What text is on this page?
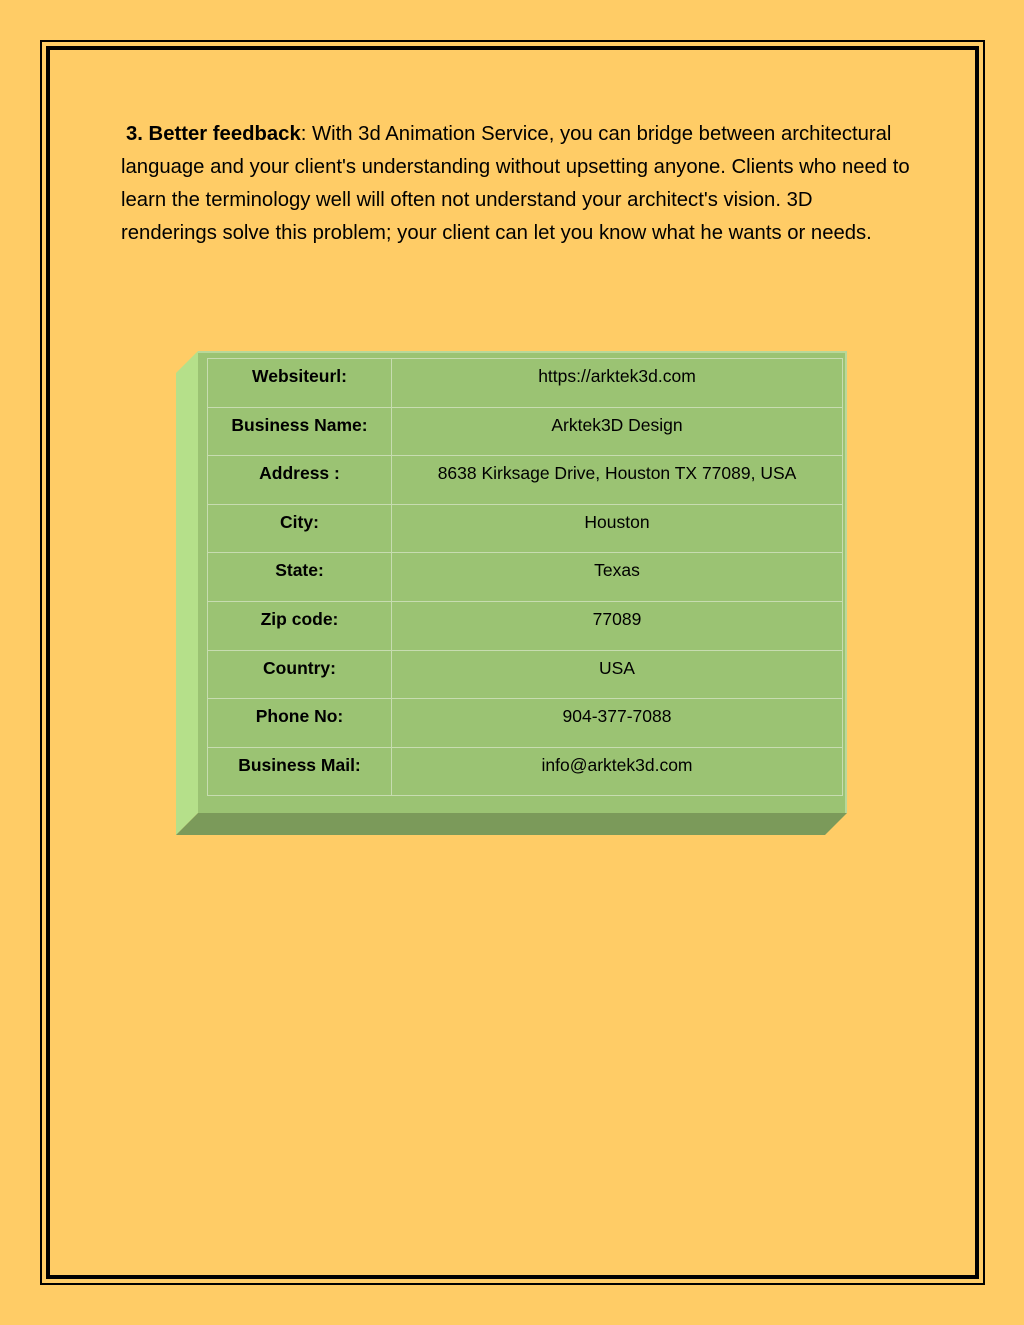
3. Better feedback: With 3d Animation Service, you can bridge between architectural language and your client's understanding without upsetting anyone. Clients who need to learn the terminology well will often not understand your architect's vision. 3D renderings solve this problem; your client can let you know what he wants or needs.

Websiteurl:	https://arktek3d.com
Business Name:	Arktek3D Design
Address :	8638 Kirksage Drive, Houston TX 77089, USA
City:	Houston
State:	Texas
Zip code:	77089
Country:	USA
Phone No:	904-377-7088
Business Mail:	info@arktek3d.com
